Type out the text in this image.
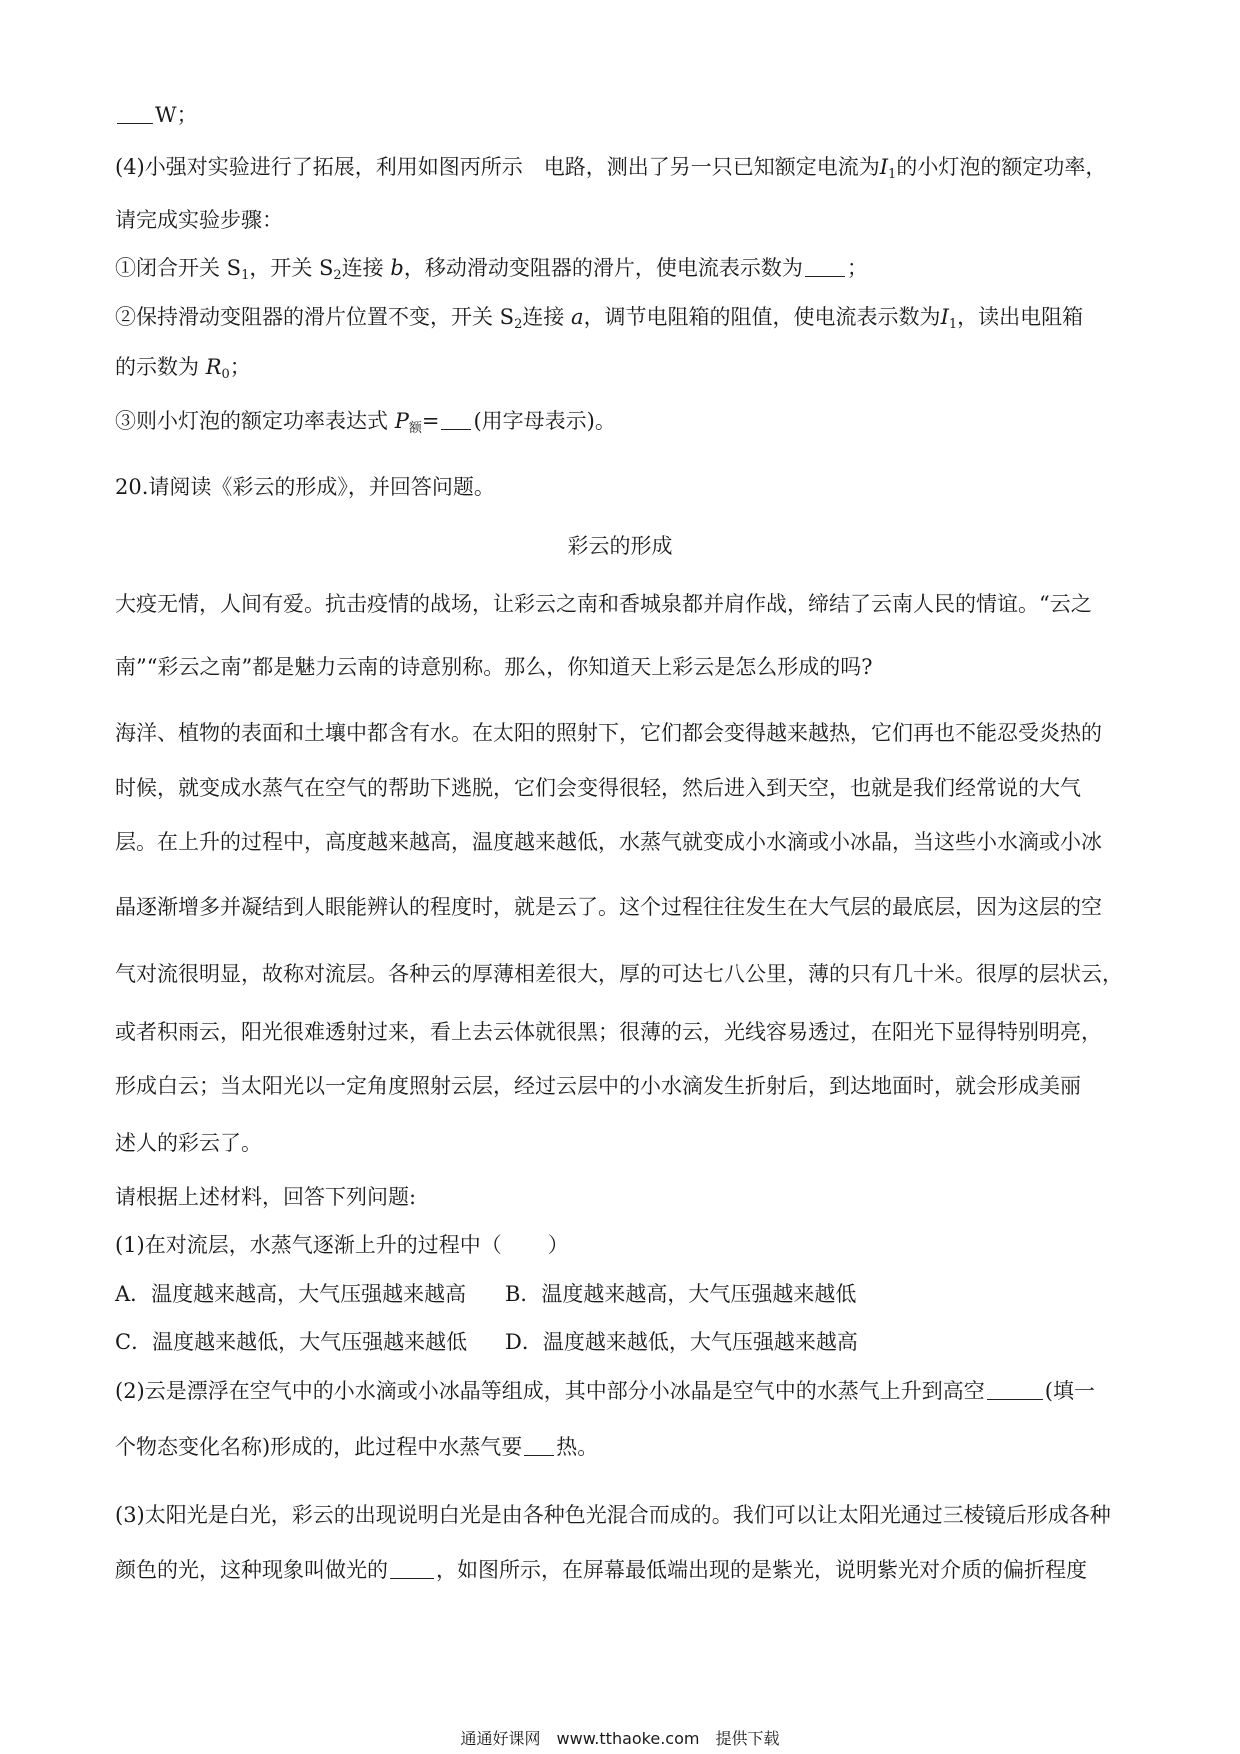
W；
(4)小强对实验进行了拓展，利用如图丙所示　电路，测出了另一只已知额定电流为$I_1$的小灯泡的额定功率，
请完成实验步骤：
①闭合开关 $S_1$，开关 $S_2$连接 b，移动滑动变阻器的滑片，使电流表示数为 ；
②保持滑动变阻器的滑片位置不变，开关 $S_2$连接 a，调节电阻箱的阻值，使电流表示数为$I_1$，读出电阻箱
的示数为 $R_0$；
③则小灯泡的额定功率表达式 $P_额=$ (用字母表示)。
20.请阅读《彩云的形成》，并回答问题。
彩云的形成
大疫无情，人间有爱。抗击疫情的战场，让彩云之南和香城泉都并肩作战，缔结了云南人民的情谊。“云之
南”“彩云之南”都是魅力云南的诗意别称。那么，你知道天上彩云是怎么形成的吗?
海洋、植物的表面和土壤中都含有水。在太阳的照射下，它们都会变得越来越热，它们再也不能忍受炎热的
时候，就变成水蒸气在空气的帮助下逃脱，它们会变得很轻，然后进入到天空，也就是我们经常说的大气
层。在上升的过程中，高度越来越高，温度越来越低，水蒸气就变成小水滴或小冰晶，当这些小水滴或小冰
晶逐渐增多并凝结到人眼能辨认的程度时，就是云了。这个过程往往发生在大气层的最底层，因为这层的空
气对流很明显，故称对流层。各种云的厚薄相差很大，厚的可达七八公里，薄的只有几十米。很厚的层状云，
或者积雨云，阳光很难透射过来，看上去云体就很黑；很薄的云，光线容易透过，在阳光下显得特别明亮，
形成白云；当太阳光以一定角度照射云层，经过云层中的小水滴发生折射后，到达地面时，就会形成美丽
述人的彩云了。
请根据上述材料，回答下列问题:
(1)在对流层，水蒸气逐渐上升的过程中（ ）
A．温度越来越高，大气压强越来越高 B．温度越来越高，大气压强越来越低
C．温度越来越低，大气压强越来越低 D．温度越来越低，大气压强越来越高
(2)云是漂浮在空气中的小水滴或小冰晶等组成，其中部分小冰晶是空气中的水蒸气上升到高空	(填一
个物态变化名称)形成的，此过程中水蒸气要 热。
(3)太阳光是白光，彩云的出现说明白光是由各种色光混合而成的。我们可以让太阳光通过三棱镜后形成各种
颜色的光，这种现象叫做光的 ，如图所示，在屏幕最低端出现的是紫光，说明紫光对介质的偏折程度
通通好课网　www.tthaoke.com　提供下载
